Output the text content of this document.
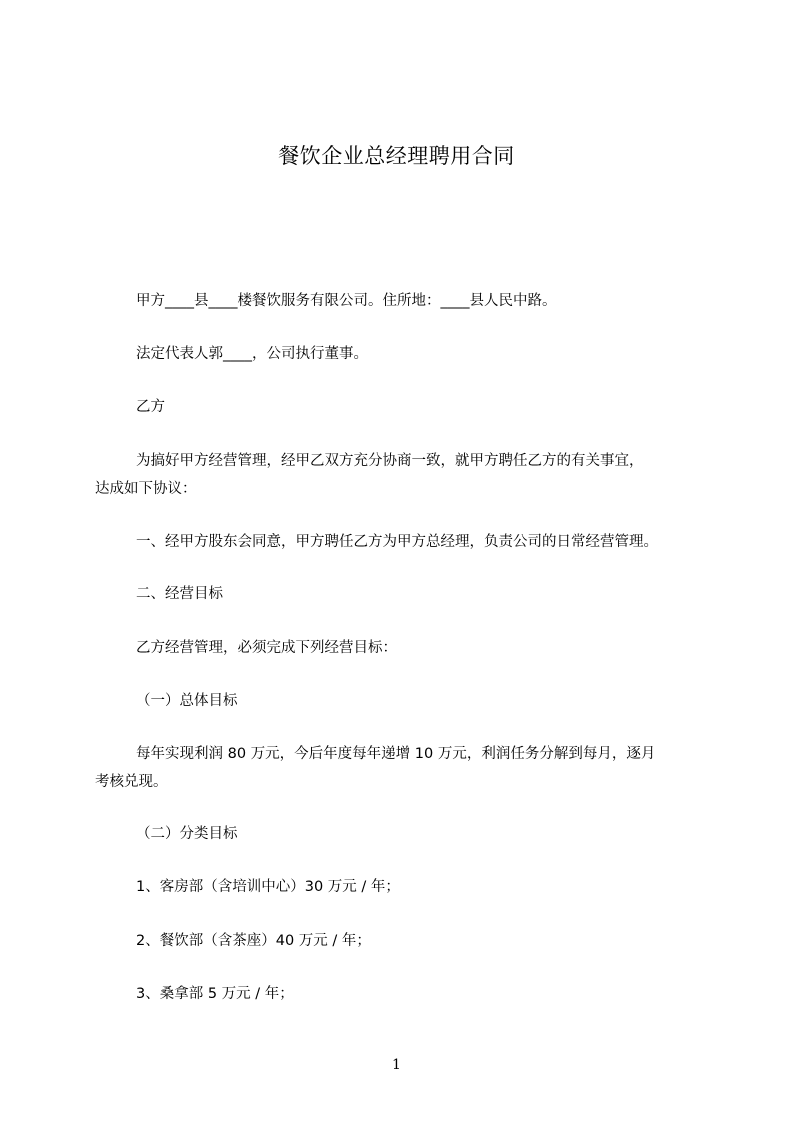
餐饮企业总经理聘用合同
甲方____县____楼餐饮服务有限公司。住所地：____县人民中路。
法定代表人郭____，公司执行董事。
乙方
为搞好甲方经营管理，经甲乙双方充分协商一致，就甲方聘任乙方的有关事宜，
达成如下协议：
一、经甲方股东会同意，甲方聘任乙方为甲方总经理，负责公司的日常经营管理。
二、经营目标
乙方经营管理，必须完成下列经营目标：
（一）总体目标
每年实现利润 80 万元，今后年度每年递增 10 万元，利润任务分解到每月，逐月
考核兑现。
（二）分类目标
1、客房部（含培训中心）30 万元 / 年；
2、餐饮部（含茶座）40 万元 / 年；
3、桑拿部 5 万元 / 年；
1
